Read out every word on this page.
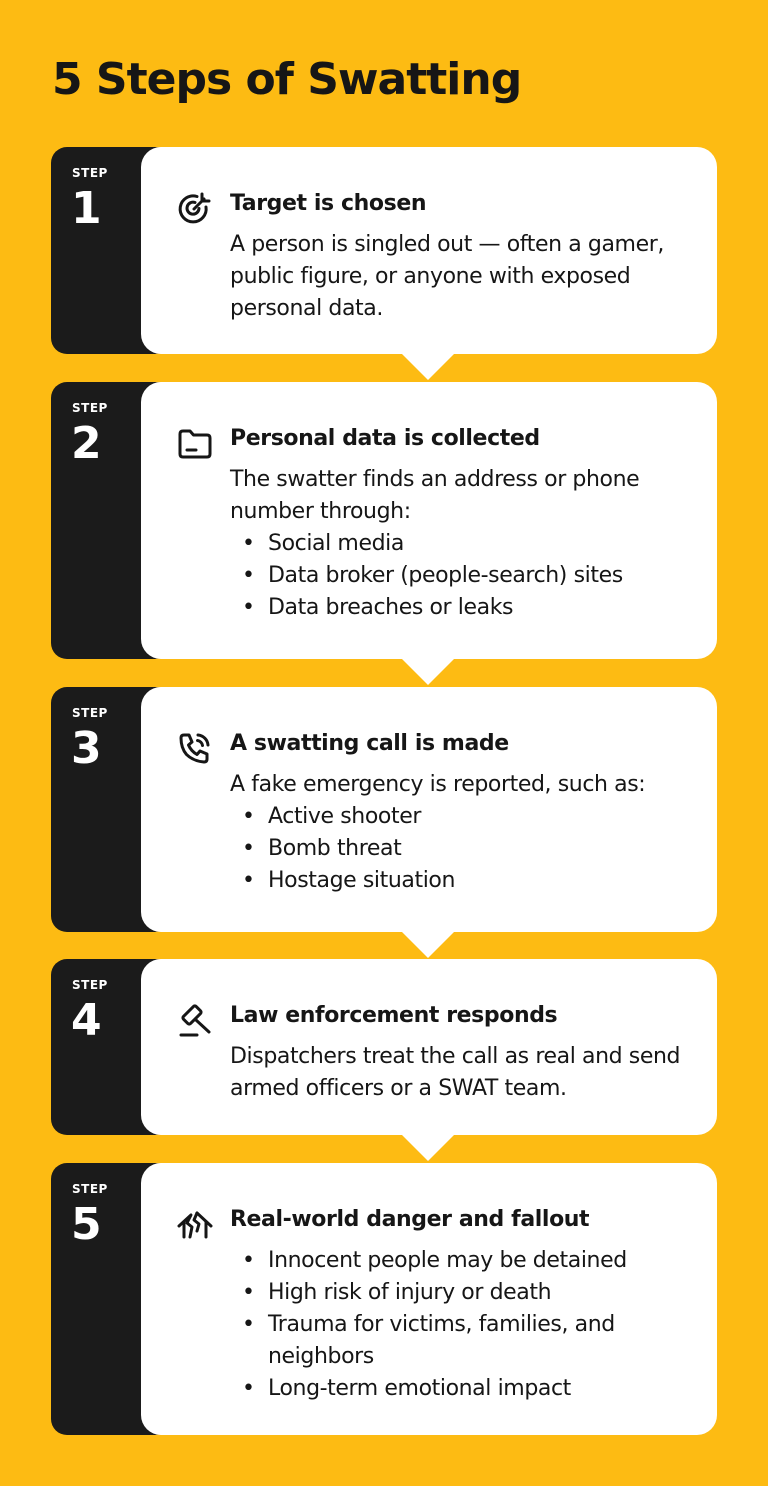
5 Steps of Swatting
STEP
1	Target is chosen
A person is singled out — often a gamer, public figure, or anyone with exposed personal data.
STEP
2	Personal data is collected
The swatter finds an address or phone number through:
• Social media
• Data broker (people-search) sites
• Data breaches or leaks
STEP
3	A swatting call is made
A fake emergency is reported, such as:
• Active shooter
• Bomb threat
• Hostage situation
STEP
4	Law enforcement responds
Dispatchers treat the call as real and send armed officers or a SWAT team.
STEP
5	Real-world danger and fallout
• Innocent people may be detained
• High risk of injury or death
• Trauma for victims, families, and neighbors
• Long-term emotional impact
